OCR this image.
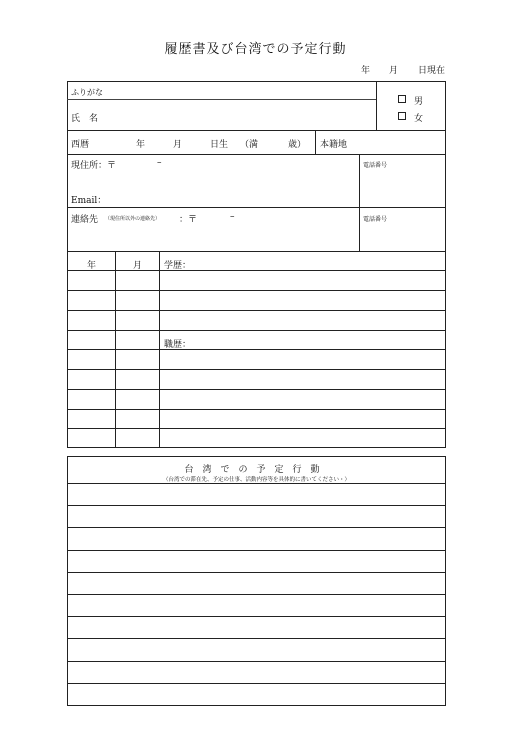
履歴書及び台湾での予定行動
年 月 日現在
ふりがな
氏　名
男
女
西暦	年	月	日生 （満	歳） 本籍地
現住所：〒	–
Email：
電話番号
連絡先 （現住所以外の連絡先） ：〒	–	電話番号
年	月 学歴：
職歴：
台湾での予定行動
（台湾での滞在先、予定の仕事、活動内容等を具体的に書いてください・）
